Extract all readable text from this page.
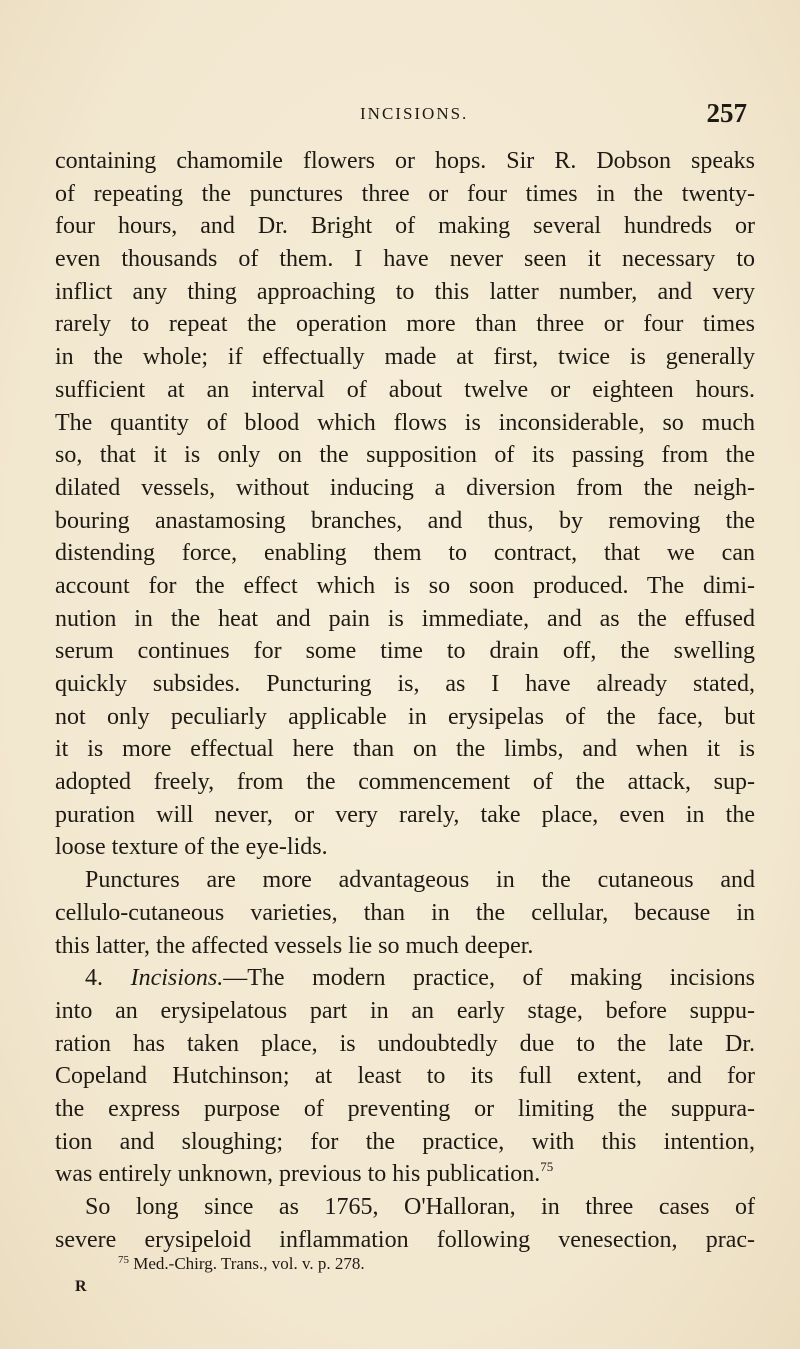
INCISIONS.	257
containing chamomile flowers or hops. Sir R. Dobson speaks
of repeating the punctures three or four times in the twenty-
four hours, and Dr. Bright of making several hundreds or
even thousands of them. I have never seen it necessary to
inflict any thing approaching to this latter number, and very
rarely to repeat the operation more than three or four times
in the whole; if effectually made at first, twice is generally
sufficient at an interval of about twelve or eighteen hours.
The quantity of blood which flows is inconsiderable, so much
so, that it is only on the supposition of its passing from the
dilated vessels, without inducing a diversion from the neigh-
bouring anastamosing branches, and thus, by removing the
distending force, enabling them to contract, that we can
account for the effect which is so soon produced. The dimi-
nution in the heat and pain is immediate, and as the effused
serum continues for some time to drain off, the swelling
quickly subsides. Puncturing is, as I have already stated,
not only peculiarly applicable in erysipelas of the face, but
it is more effectual here than on the limbs, and when it is
adopted freely, from the commencement of the attack, sup-
puration will never, or very rarely, take place, even in the
loose texture of the eye-lids.
Punctures are more advantageous in the cutaneous and
cellulo-cutaneous varieties, than in the cellular, because in
this latter, the affected vessels lie so much deeper.
4. Incisions.—The modern practice, of making incisions
into an erysipelatous part in an early stage, before suppu-
ration has taken place, is undoubtedly due to the late Dr.
Copeland Hutchinson; at least to its full extent, and for
the express purpose of preventing or limiting the suppura-
tion and sloughing; for the practice, with this intention,
was entirely unknown, previous to his publication.$^{75}$
So long since as 1765, O'Halloran, in three cases of
severe erysipeloid inflammation following venesection, prac-
$^{75}$ Med.-Chirg. Trans., vol. v. p. 278.
R
